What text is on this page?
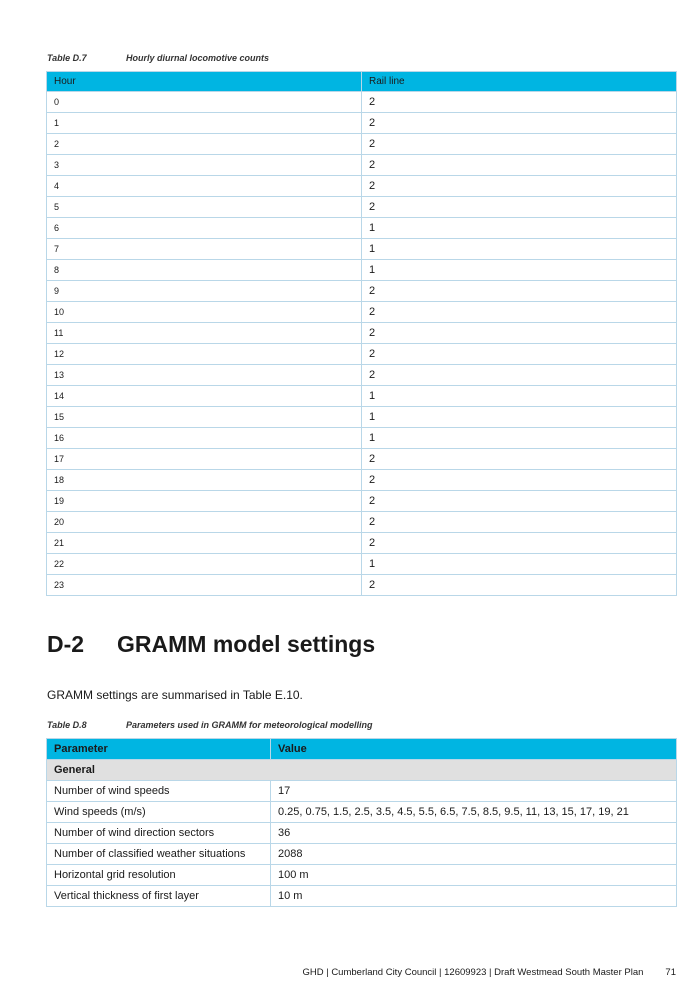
Table D.7	Hourly diurnal locomotive counts
Hour	Rail line
0	2
1	2
2	2
3	2
4	2
5	2
6	1
7	1
8	1
9	2
10	2
11	2
12	2
13	2
14	1
15	1
16	1
17	2
18	2
19	2
20	2
21	2
22	1
23	2
D-2 GRAMM model settings

GRAMM settings are summarised in Table E.10.

Table D.8	Parameters used in GRAMM for meteorological modelling
Parameter	Value
General	
Number of wind speeds	17
Wind speeds (m/s)	0.25, 0.75, 1.5, 2.5, 3.5, 4.5, 5.5, 6.5, 7.5, 8.5, 9.5, 11, 13, 15, 17, 19, 21
Number of wind direction sectors	36
Number of classified weather situations	2088
Horizontal grid resolution	100 m
Vertical thickness of first layer	10 m
GHD | Cumberland City Council | 12609923 | Draft Westmead South Master Plan 71
